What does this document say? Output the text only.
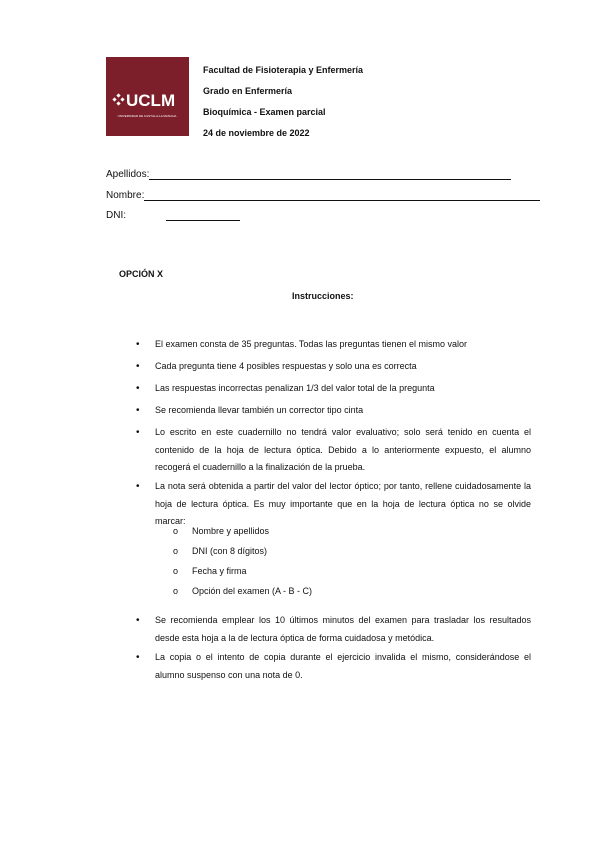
UCLM
UNIVERSIDAD DE CASTILLA-LA MANCHA
Facultad de Fisioterapia y Enfermería
Grado en Enfermería
Bioquímica - Examen parcial
24 de noviembre de 2022
Apellidos:
Nombre:
DNI:
OPCIÓN X
Instrucciones:
• El examen consta de 35 preguntas. Todas las preguntas tienen el mismo valor
• Cada pregunta tiene 4 posibles respuestas y solo una es correcta
• Las respuestas incorrectas penalizan 1/3 del valor total de la pregunta
• Se recomienda llevar también un corrector tipo cinta
• Lo escrito en este cuadernillo no tendrá valor evaluativo; solo será tenido en cuenta el contenido de la hoja de lectura óptica. Debido a lo anteriormente expuesto, el alumno recogerá el cuadernillo a la finalización de la prueba.
• La nota será obtenida a partir del valor del lector óptico; por tanto, rellene cuidadosamente la hoja de lectura óptica. Es muy importante que en la hoja de lectura óptica no se olvide marcar:
o Nombre y apellidos
o DNI (con 8 dígitos)
o Fecha y firma
o Opción del examen (A - B - C)
• Se recomienda emplear los 10 últimos minutos del examen para trasladar los resultados desde esta hoja a la de lectura óptica de forma cuidadosa y metódica.
• La copia o el intento de copia durante el ejercicio invalida el mismo, considerándose el alumno suspenso con una nota de 0.
